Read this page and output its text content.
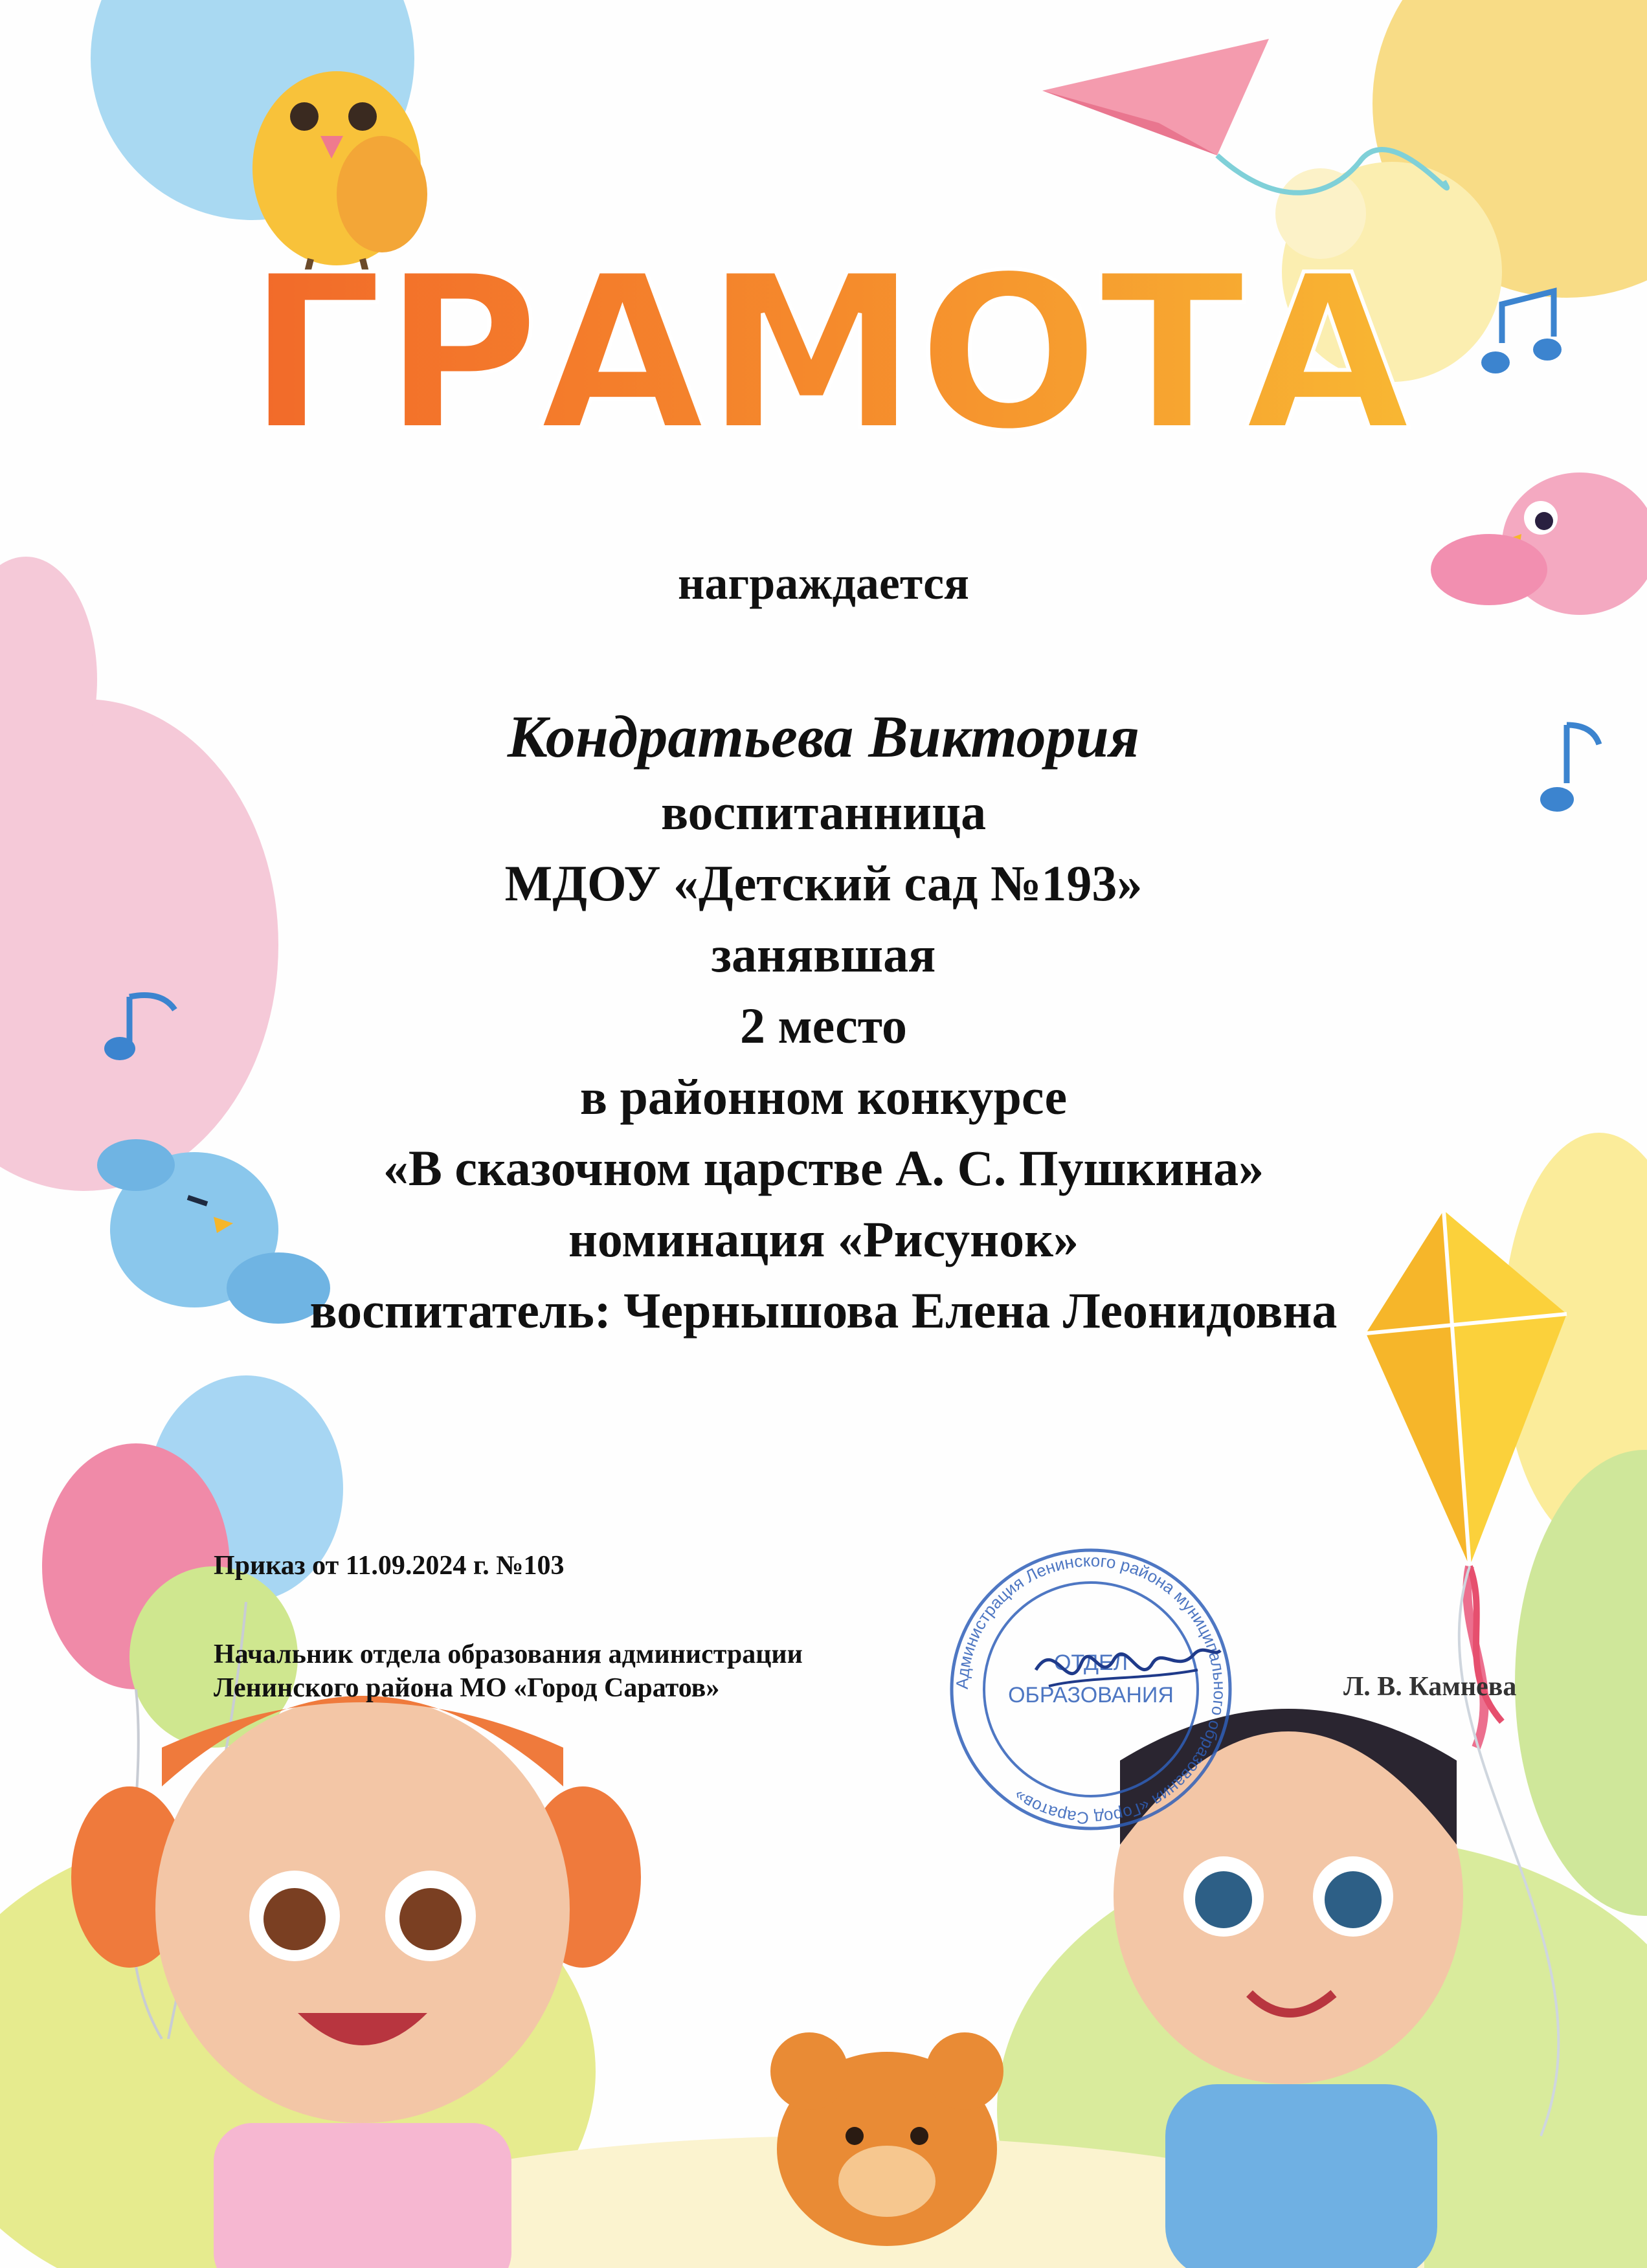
ГРАМОТА
награждается
Кондратьева Виктория
воспитанница
МДОУ «Детский сад №193»
занявшая
2 место
в районном конкурсе
«В сказочном царстве А. С. Пушкина»
номинация «Рисунок»
воспитатель: Чернышова Елена Леонидовна
Приказ от 11.09.2024 г. №103
Начальник отдела образования администрации
Ленинского района МО «Город Саратов»	Л. В. Камнева
Администрация Ленинского района муниципального образования «Город Саратов»
ОТДЕЛ
ОБРАЗОВАНИЯ
